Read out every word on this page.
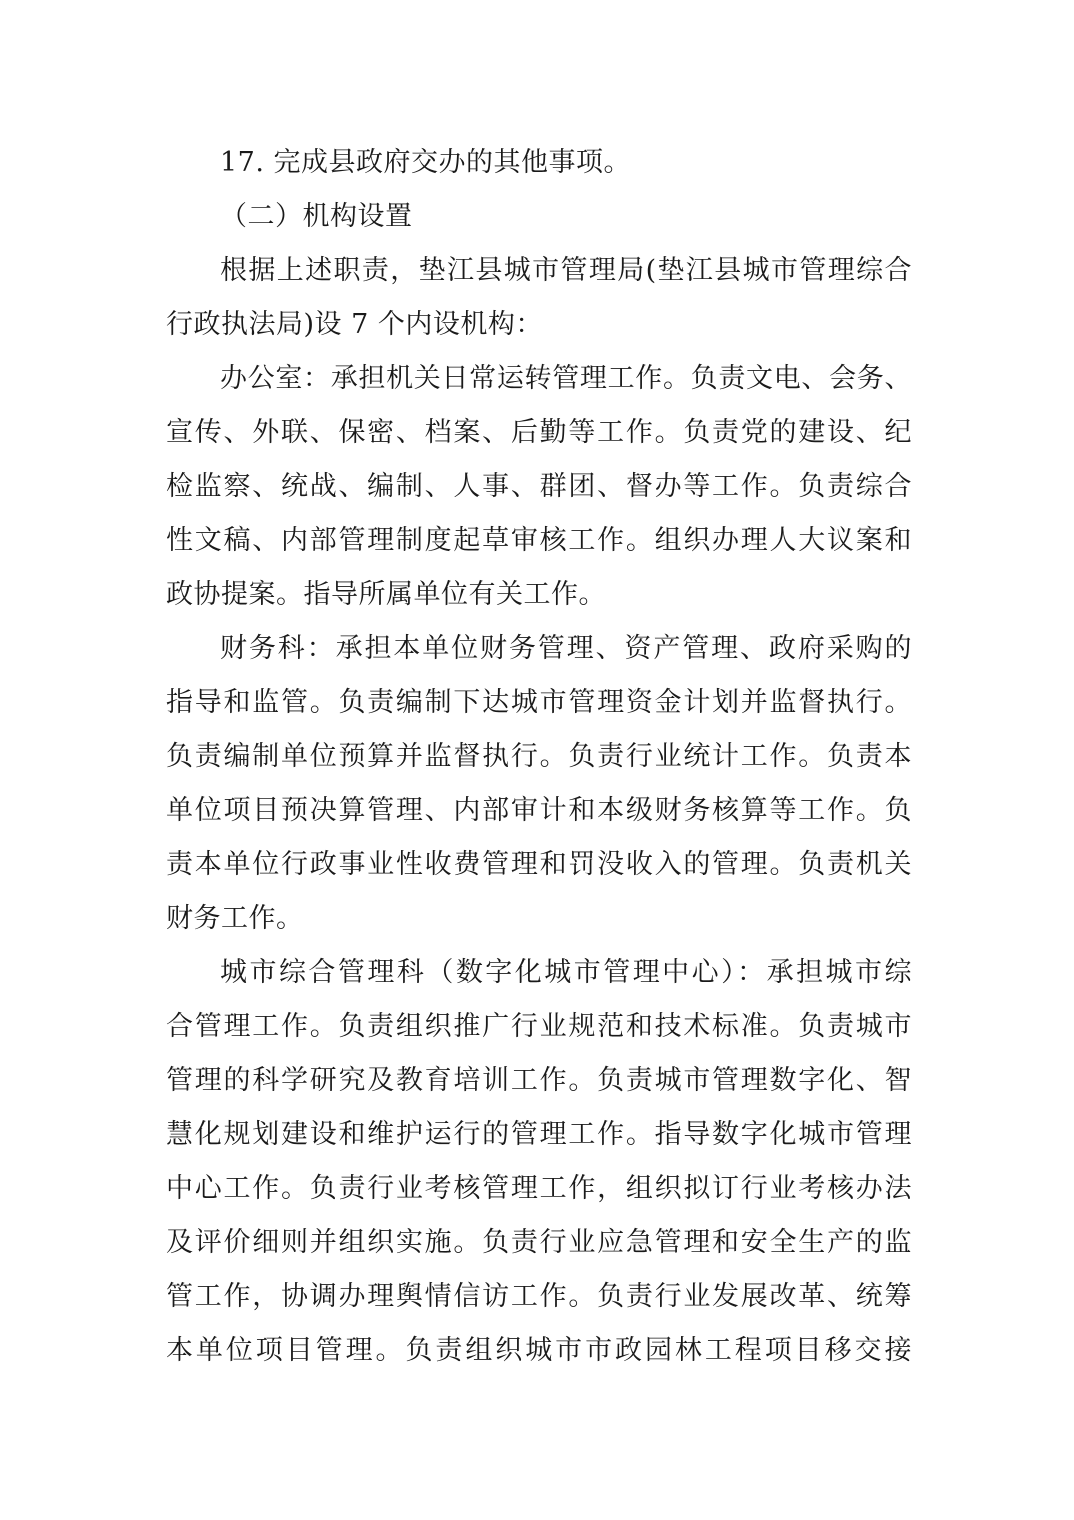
17. 完成县政府交办的其他事项。
（二）机构设置
根据上述职责，垫江县城市管理局(垫江县城市管理综合
行政执法局)设 7 个内设机构：
办公室：承担机关日常运转管理工作。负责文电、会务、
宣传、外联、保密、档案、后勤等工作。负责党的建设、纪
检监察、统战、编制、人事、群团、督办等工作。负责综合
性文稿、内部管理制度起草审核工作。组织办理人大议案和
政协提案。指导所属单位有关工作。
财务科：承担本单位财务管理、资产管理、政府采购的
指导和监管。负责编制下达城市管理资金计划并监督执行。
负责编制单位预算并监督执行。负责行业统计工作。负责本
单位项目预决算管理、内部审计和本级财务核算等工作。负
责本单位行政事业性收费管理和罚没收入的管理。负责机关
财务工作。
城市综合管理科（数字化城市管理中心）：承担城市综
合管理工作。负责组织推广行业规范和技术标准。负责城市
管理的科学研究及教育培训工作。负责城市管理数字化、智
慧化规划建设和维护运行的管理工作。指导数字化城市管理
中心工作。负责行业考核管理工作，组织拟订行业考核办法
及评价细则并组织实施。负责行业应急管理和安全生产的监
管工作，协调办理舆情信访工作。负责行业发展改革、统筹
本单位项目管理。负责组织城市市政园林工程项目移交接
